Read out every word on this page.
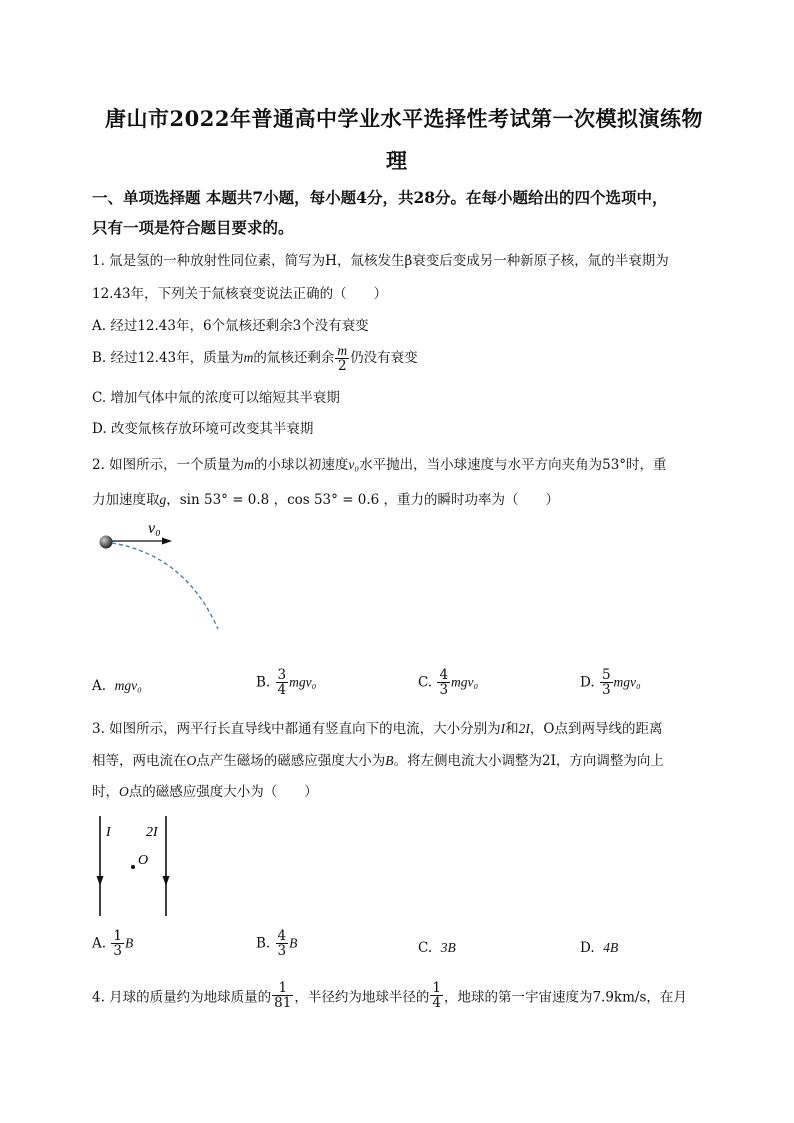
唐山市2022年普通高中学业水平选择性考试第一次模拟演练物
理
一、单项选择题 本题共7小题，每小题4分，共28分。在每小题给出的四个选项中，
只有一项是符合题目要求的。
1. 氚是氢的一种放射性同位素，简写为H，氚核发生β衰变后变成另一种新原子核，氚的半衰期为
12.43年，下列关于氚核衰变说法正确的（　　）
A. 经过12.43年，6个氚核还剩余3个没有衰变
B. 经过12.43年，质量为m的氚核还剩余 $\frac{m}{2}$ 仍没有衰变
C. 增加气体中氚的浓度可以缩短其半衰期
D. 改变氚核存放环境可改变其半衰期
2. 如图所示，一个质量为m的小球以初速度v₀水平抛出，当小球速度与水平方向夹角为53°时，重
力加速度取g，sin 53° = 0.8 ，cos 53° = 0.6 ，重力的瞬时功率为（　　）
v₀
A. mgv₀	B. $\frac{3}{4} mgv_0$	C. $\frac{4}{3} mgv_0$	D. $\frac{5}{3} mgv_0$
3. 如图所示，两平行长直导线中都通有竖直向下的电流，大小分别为I和2I，O点到两导线的距离
相等，两电流在O点产生磁场的磁感应强度大小为B。将左侧电流大小调整为2I，方向调整为向上
时，O点的磁感应强度大小为（　　）
I	2I
O
A. $\frac{1}{3}$ B	B. $\frac{4}{3}$ B	C. 3B	D. 4B
4. 月球的质量约为地球质量的 $\frac{1}{81}$ ，半径约为地球半径的 $\frac{1}{4}$ ，地球的第一宇宙速度为7.9km/s，在月
